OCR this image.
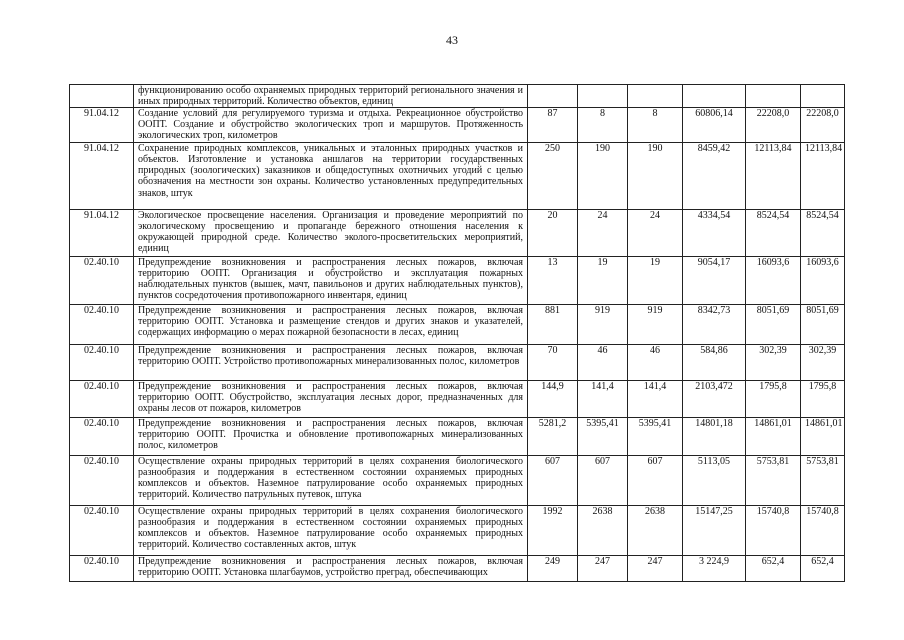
43
	функционированию особо охраняемых природных территорий регионального значения и иных природных территорий. Количество объектов, единиц						
91.04.12	Создание условий для регулируемого туризма и отдыха. Рекреационное обустройство ООПТ. Создание и обустройство экологических троп и маршрутов. Протяженность экологических троп, километров	87	8	8	60806,14	22208,0	22208,0
91.04.12	Сохранение природных комплексов, уникальных и эталонных природных участков и объектов. Изготовление и установка аншлагов на территории государственных природных (зоологических) заказников и общедоступных охотничьих угодий с целью обозначения на местности зон охраны. Количество установленных предупредительных знаков, штук	250	190	190	8459,42	12113,84	12113,84
91.04.12	Экологическое просвещение населения. Организация и проведение мероприятий по экологическому просвещению и пропаганде бережного отношения населения к окружающей природной среде. Количество эколого-просветительских мероприятий, единиц	20	24	24	4334,54	8524,54	8524,54
02.40.10	Предупреждение возникновения и распространения лесных пожаров, включая территорию ООПТ. Организация и обустройство и эксплуатация пожарных наблюдательных пунктов (вышек, мачт, павильонов и других наблюдательных пунктов), пунктов сосредоточения противопожарного инвентаря, единиц	13	19	19	9054,17	16093,6	16093,6
02.40.10	Предупреждение возникновения и распространения лесных пожаров, включая территорию ООПТ. Установка и размещение стендов и других знаков и указателей, содержащих информацию о мерах пожарной безопасности в лесах, единиц	881	919	919	8342,73	8051,69	8051,69
02.40.10	Предупреждение возникновения и распространения лесных пожаров, включая территорию ООПТ. Устройство противопожарных минерализованных полос, километров	70	46	46	584,86	302,39	302,39
02.40.10	Предупреждение возникновения и распространения лесных пожаров, включая территорию ООПТ. Обустройство, эксплуатация лесных дорог, предназначенных для охраны лесов от пожаров, километров	144,9	141,4	141,4	2103,472	1795,8	1795,8
02.40.10	Предупреждение возникновения и распространения лесных пожаров, включая территорию ООПТ. Прочистка и обновление противопожарных минерализованных полос, километров	5281,2	5395,41	5395,41	14801,18	14861,01	14861,01
02.40.10	Осуществление охраны природных территорий в целях сохранения биологического разнообразия и поддержания в естественном состоянии охраняемых природных комплексов и объектов. Наземное патрулирование особо охраняемых природных территорий. Количество патрульных путевок, штука	607	607	607	5113,05	5753,81	5753,81
02.40.10	Осуществление охраны природных территорий в целях сохранения биологического разнообразия и поддержания в естественном состоянии охраняемых природных комплексов и объектов. Наземное патрулирование особо охраняемых природных территорий. Количество составленных актов, штук	1992	2638	2638	15147,25	15740,8	15740,8
02.40.10	Предупреждение возникновения и распространения лесных пожаров, включая территорию ООПТ. Установка шлагбаумов, устройство преград, обеспечивающих	249	247	247	3 224,9	652,4	652,4
